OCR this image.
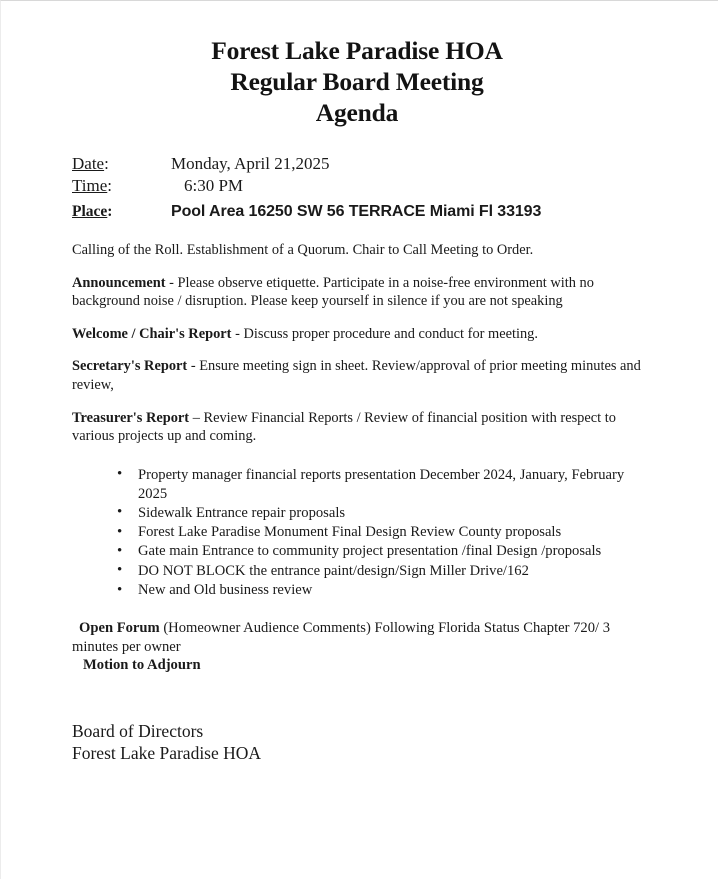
Forest Lake Paradise HOA
Regular Board Meeting
Agenda
Date:	Monday, April 21,2025
Time:	6:30 PM
Place:	Pool Area 16250 SW 56 TERRACE Miami Fl 33193
Calling of the Roll. Establishment of a Quorum. Chair to Call Meeting to Order.
Announcement - Please observe etiquette. Participate in a noise-free environment with no background noise / disruption. Please keep yourself in silence if you are not speaking
Welcome / Chair's Report - Discuss proper procedure and conduct for meeting.
Secretary's Report - Ensure meeting sign in sheet. Review/approval of prior meeting minutes and review,
Treasurer's Report – Review Financial Reports / Review of financial position with respect to various projects up and coming.
• Property manager financial reports presentation December 2024, January, February 2025
• Sidewalk Entrance repair proposals
• Forest Lake Paradise Monument Final Design Review County proposals
• Gate main Entrance to community project presentation /final Design /proposals
• DO NOT BLOCK the entrance paint/design/Sign Miller Drive/162
• New and Old business review
Open Forum (Homeowner Audience Comments) Following Florida Status Chapter 720/ 3 minutes per owner
Motion to Adjourn
Board of Directors
Forest Lake Paradise HOA
